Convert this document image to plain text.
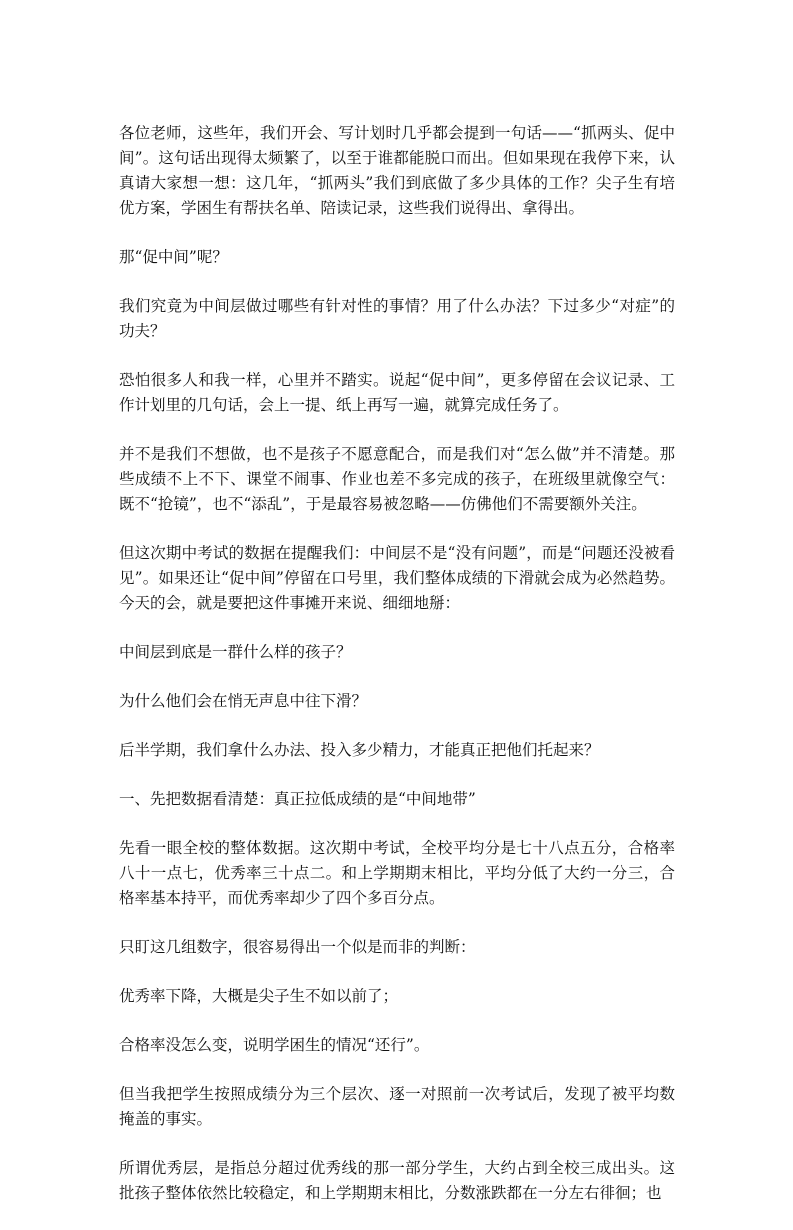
各位老师，这些年，我们开会、写计划时几乎都会提到一句话——“抓两头、促中间”。这句话出现得太频繁了，以至于谁都能脱口而出。但如果现在我停下来，认真请大家想一想：这几年，“抓两头”我们到底做了多少具体的工作？尖子生有培优方案，学困生有帮扶名单、陪读记录，这些我们说得出、拿得出。

那“促中间”呢？

我们究竟为中间层做过哪些有针对性的事情？用了什么办法？下过多少“对症”的功夫？

恐怕很多人和我一样，心里并不踏实。说起“促中间”，更多停留在会议记录、工作计划里的几句话，会上一提、纸上再写一遍，就算完成任务了。

并不是我们不想做，也不是孩子不愿意配合，而是我们对“怎么做”并不清楚。那些成绩不上不下、课堂不闹事、作业也差不多完成的孩子，在班级里就像空气：既不“抢镜”，也不“添乱”，于是最容易被忽略——仿佛他们不需要额外关注。

但这次期中考试的数据在提醒我们：中间层不是“没有问题”，而是“问题还没被看见”。如果还让“促中间”停留在口号里，我们整体成绩的下滑就会成为必然趋势。今天的会，就是要把这件事摊开来说、细细地掰：

中间层到底是一群什么样的孩子？

为什么他们会在悄无声息中往下滑？

后半学期，我们拿什么办法、投入多少精力，才能真正把他们托起来？

一、先把数据看清楚：真正拉低成绩的是“中间地带”

先看一眼全校的整体数据。这次期中考试，全校平均分是七十八点五分，合格率八十一点七，优秀率三十点二。和上学期期末相比，平均分低了大约一分三，合格率基本持平，而优秀率却少了四个多百分点。

只盯这几组数字，很容易得出一个似是而非的判断：

优秀率下降，大概是尖子生不如以前了；

合格率没怎么变，说明学困生的情况“还行”。

但当我把学生按照成绩分为三个层次、逐一对照前一次考试后，发现了被平均数掩盖的事实。

所谓优秀层，是指总分超过优秀线的那一部分学生，大约占到全校三成出头。这批孩子整体依然比较稳定，和上学期期末相比，分数涨跌都在一分左右徘徊；也
